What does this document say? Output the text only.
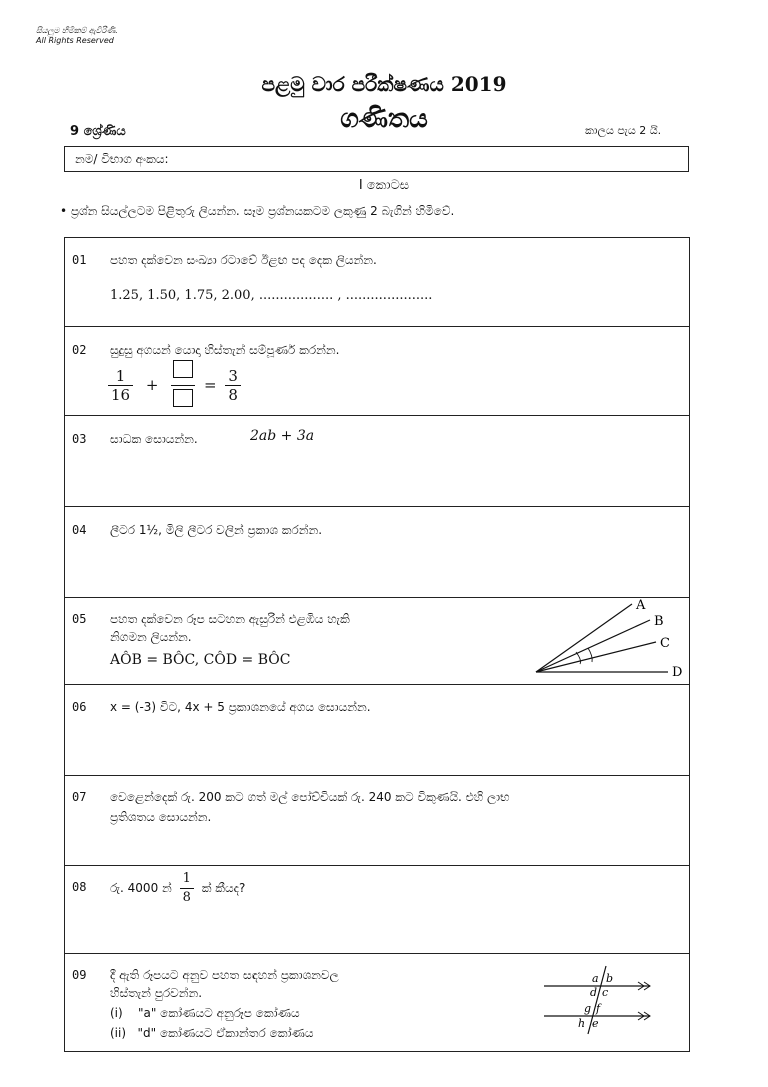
සියලුම හිමිකම් ඇවිරිණි.
All Rights Reserved
පළමු වාර පරීක්ෂණය 2019
ගණිතය
9 ශ්‍රේණිය	කාලය පැය 2 යි.
නම/ විභාග අංකය:
I කොටස
• ප්‍රශ්න සියල්ලටම පිළිතුරු ලියන්න. සෑම ප්‍රශ්නයකටම ලකුණු 2 බැගින් හිමිවේ.
01 පහත දක්වෙන සංඛ්‍යා රටාවේ ඊළඟ පද දෙක ලියන්න.
1.25, 1.50, 1.75, 2.00, .................. , .....................
02 සුදුසු අගයන් යොදා හිස්තැන් සම්පූර්ණ කරන්න.
$\frac{1}{16}$ +	= $\frac{3}{8}$
03 සාධක සොයන්න.	2ab + 3a
04 ලීටර 1½, මිලි ලීටර වලින් ප්‍රකාශ කරන්න.
05 පහත දක්වෙන රූප සටහන ඇසුරින් එළඹිය හැකි
නිගමන ලියන්න.
AÔB = BÔC, CÔD = BÔC
A
B
C
D
06 x = (-3) විට, 4x + 5 ප්‍රකාශනයේ අගය සොයන්න.
07 වෙළෙන්දෙක් රු. 200 කට ගත් මල් පෝච්චියක් රු. 240 කට විකුණයි. එහි ලාභ
ප්‍රතිශතය සොයන්න.
08 රු. 4000 න් $\frac{1}{8}$ ක් කීයද?
09 දී ඇති රූපයට අනුව පහත සඳහන් ප්‍රකාශනවල
හිස්තැන් පුරවන්න.
(i)    "a" කෝණයට අනුරූප කෝණය
(ii)   "d" කෝණයට ඒකාන්තර කෝණය
a b
d c
g f
h e
